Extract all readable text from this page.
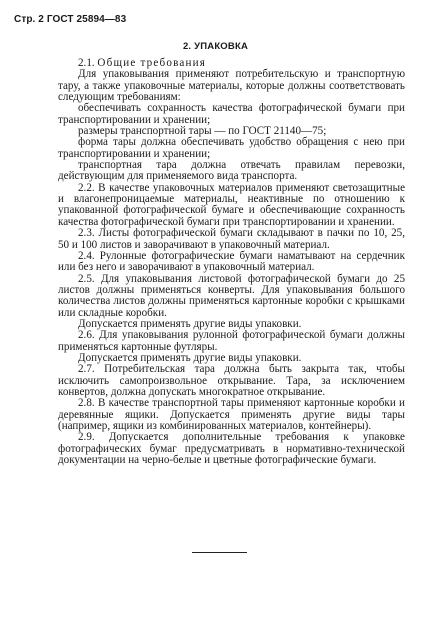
Стр. 2 ГОСТ 25894—83
2. УПАКОВКА

2.1. Общие требования

Для упаковывания применяют потребительскую и транспортную тару, а также упаковочные материалы, которые должны соответствовать следующим требованиям:

обеспечивать сохранность качества фотографической бумаги при транспортировании и хранении;

размеры транспортной тары — по ГОСТ 21140—75;

форма тары должна обеспечивать удобство обращения с нею при транспортировании и хранении;

транспортная тара должна отвечать правилам перевозки, действующим для применяемого вида транспорта.

2.2. В качестве упаковочных материалов применяют светозащитные и влагонепроницаемые материалы, неактивные по отношению к упакованной фотографической бумаге и обеспечивающие сохранность качества фотографической бумаги при транспортировании и хранении.

2.3. Листы фотографической бумаги складывают в пачки по 10, 25, 50 и 100 листов и заворачивают в упаковочный материал.

2.4. Рулонные фотографические бумаги наматывают на сердечник или без него и заворачивают в упаковочный материал.

2.5. Для упаковывания листовой фотографической бумаги до 25 листов должны применяться конверты. Для упаковывания большого количества листов должны применяться картонные коробки с крышками или складные коробки.

Допускается применять другие виды упаковки.

2.6. Для упаковывания рулонной фотографической бумаги должны применяться картонные футляры.

Допускается применять другие виды упаковки.

2.7. Потребительская тара должна быть закрыта так, чтобы исключить самопроизвольное открывание. Тара, за исключением конвертов, должна допускать многократное открывание.

2.8. В качестве транспортной тары применяют картонные коробки и деревянные ящики. Допускается применять другие виды тары (например, ящики из комбинированных материалов, контейнеры).

2.9. Допускается дополнительные требования к упаковке фотографических бумаг предусматривать в нормативно-технической документации на черно-белые и цветные фотографические бумаги.
